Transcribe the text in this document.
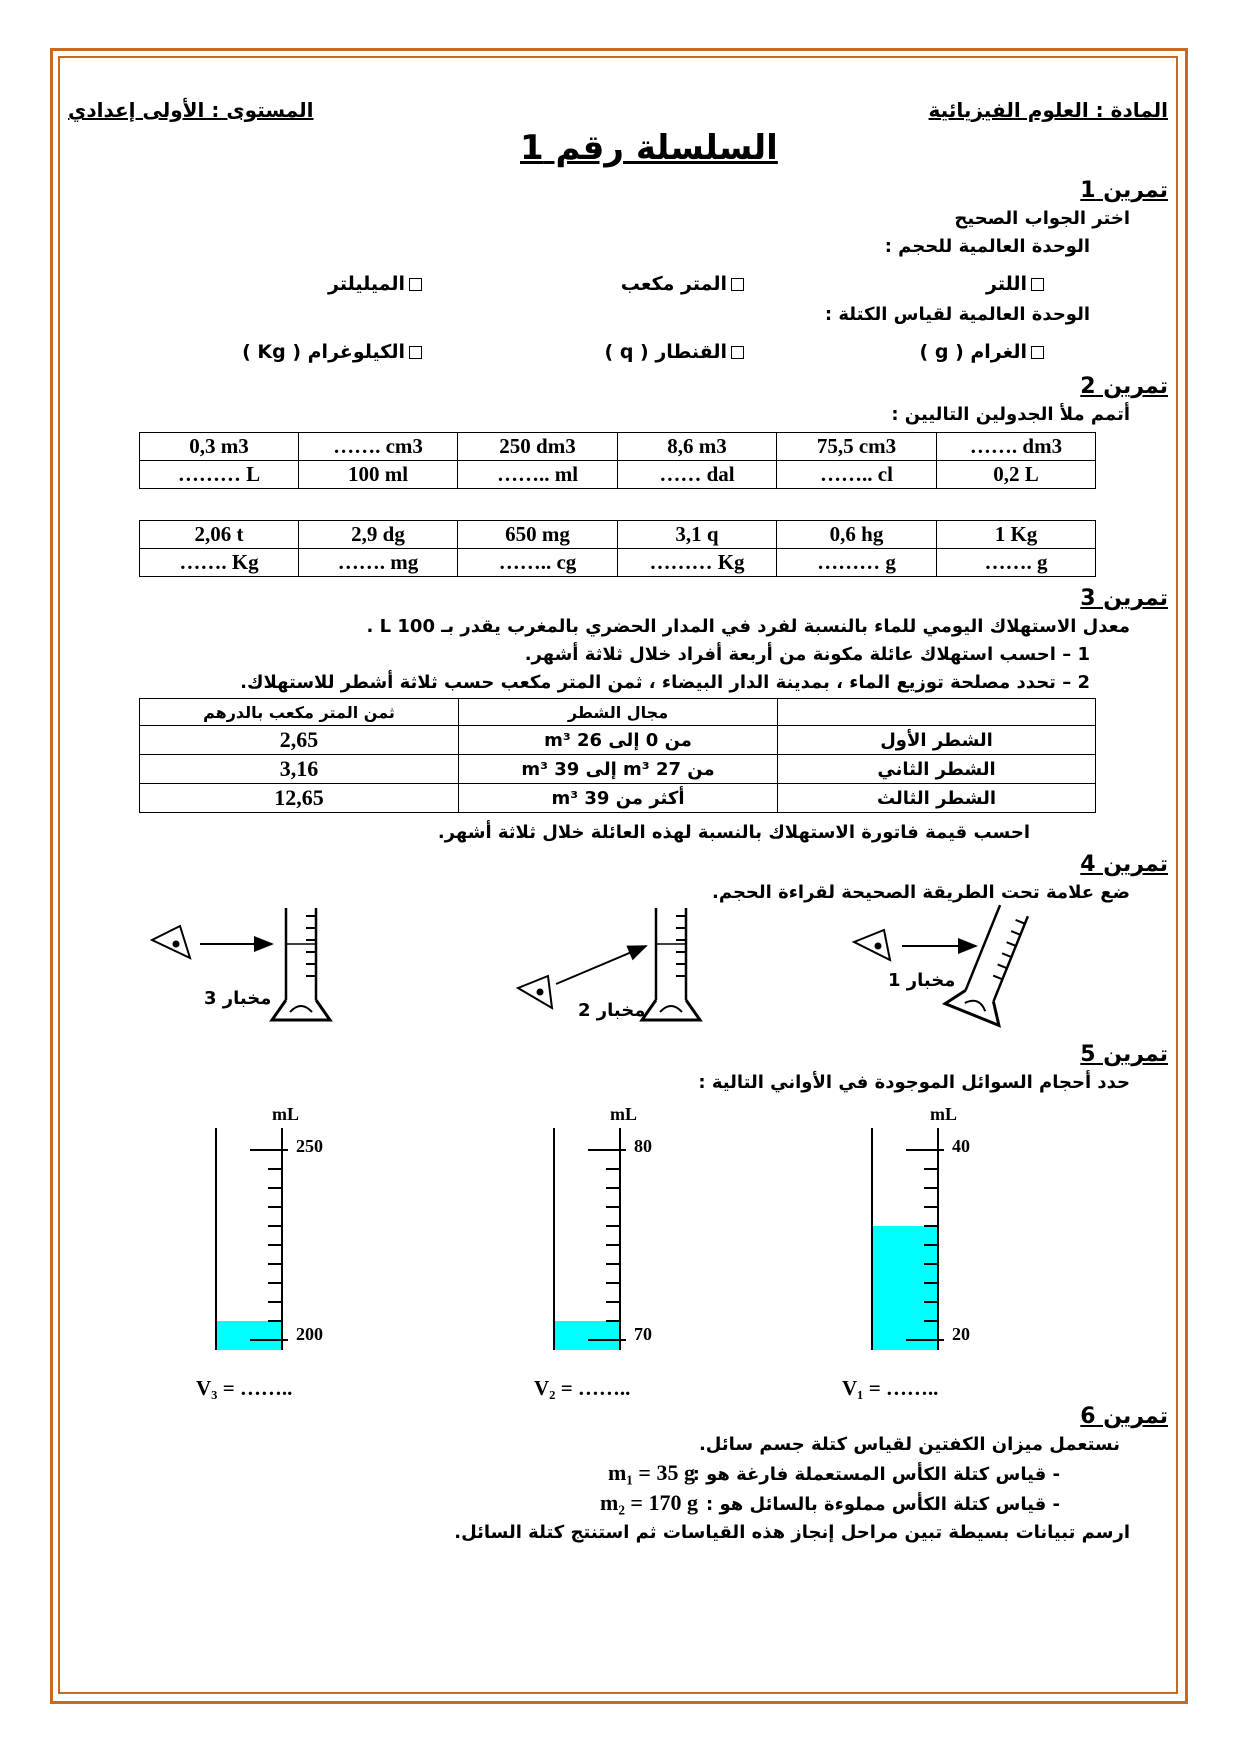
المادة : العلوم الفيزيائية
المستوى : الأولى إعدادي
السلسلة رقم 1
تمرين 1
اختر الجواب الصحيح
الوحدة العالمية للحجم :
اللتر
المتر مكعب
الميليلتر
الوحدة العالمية لقياس الكتلة :
الغرام ( g )
القنطار ( q )
الكيلوغرام ( Kg )
تمرين 2
أتمم ملأ الجدولين التاليين :
0,3 m3	……. cm3	250 dm3	8,6 m3	75,5 cm3	……. dm3
……… L	100 ml	…….. ml	…… dal	…….. cl	0,2 L
2,06 t	2,9 dg	650 mg	3,1 q	0,6 hg	1 Kg
……. Kg	……. mg	…….. cg	……… Kg	……… g	……. g
تمرين 3
معدل الاستهلاك اليومي للماء بالنسبة لفرد في المدار الحضري بالمغرب يقدر بـ 100 L .
1 – احسب استهلاك عائلة مكونة من أربعة أفراد خلال ثلاثة أشهر.
2 – تحدد مصلحة توزيع الماء ، بمدينة الدار البيضاء ، ثمن المتر مكعب حسب ثلاثة أشطر للاستهلاك.
	مجال الشطر	ثمن المتر مكعب بالدرهم
الشطر الأول	من 0 إلى 26 m³	2,65
الشطر الثاني	من 27 m³ إلى 39 m³	3,16
الشطر الثالث	أكثر من 39 m³	12,65
احسب قيمة فاتورة الاستهلاك بالنسبة لهذه العائلة خلال ثلاثة أشهر.
تمرين 4
ضع علامة تحت الطريقة الصحيحة لقراءة الحجم.
مخبار 3
مخبار 2
مخبار 1
تمرين 5
حدد أحجام السوائل الموجودة في الأواني التالية :
mL
250
200
V₃ = ……..
mL
80
70
V₂ = ……..
mL
40
20
V₁ = ……..
تمرين 6
نستعمل ميزان الكفتين لقياس كتلة جسم سائل.
- قياس كتلة الكأس المستعملة فارغة هو :
m₁ = 35 g
- قياس كتلة الكأس مملوءة بالسائل هو :
m₂ = 170 g
ارسم تبيانات بسيطة تبين مراحل إنجاز هذه القياسات ثم استنتج كتلة السائل.
